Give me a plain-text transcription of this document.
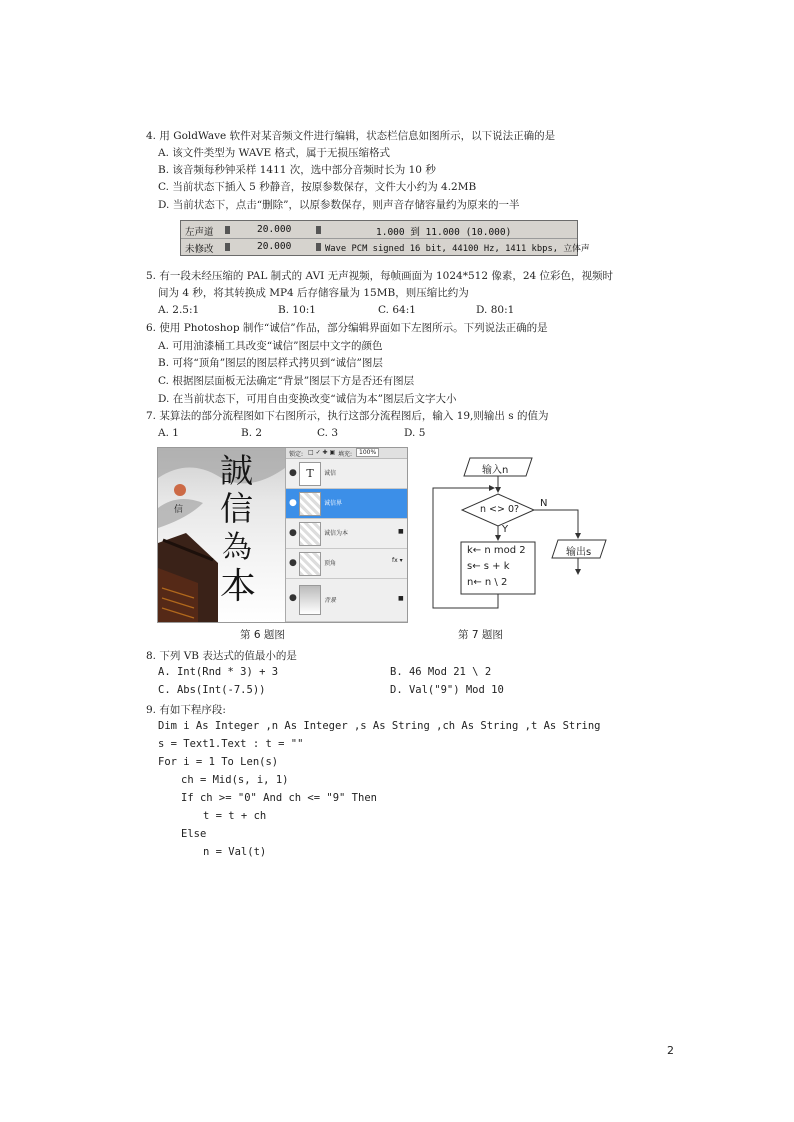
4. 用 GoldWave 软件对某音频文件进行编辑，状态栏信息如图所示，以下说法正确的是
A. 该文件类型为 WAVE 格式，属于无损压缩格式
B. 该音频每秒钟采样 1411 次，选中部分音频时长为 10 秒
C. 当前状态下插入 5 秒静音，按原参数保存，文件大小约为 4.2MB
D. 当前状态下，点击“删除”，以原参数保存，则声音存储容量约为原来的一半
左声道	20.000	1.000 到 11.000 (10.000)
未修改	20.000	Wave PCM signed 16 bit, 44100 Hz, 1411 kbps, 立体声
5. 有一段未经压缩的 PAL 制式的 AVI 无声视频，每帧画面为 1024*512 像素，24 位彩色，视频时
间为 4 秒，将其转换成 MP4 后存储容量为 15MB，则压缩比约为
A. 2.5:1	B. 10:1	C. 64:1	D. 80:1
6. 使用 Photoshop 制作“诚信”作品，部分编辑界面如下左图所示。下列说法正确的是
A. 可用油漆桶工具改变“诚信”图层中文字的颜色
B. 可将“顶角”图层的图层样式拷贝到“诚信”图层
C. 根据图层面板无法确定“背景”图层下方是否还有图层
D. 在当前状态下，可用自由变换改变“诚信为本”图层后文字大小
7. 某算法的部分流程图如下右图所示，执行这部分流程图后，输入 19,则输出 s 的值为
A. 1	B. 2	C. 3	D. 5
信
誠
信
為
本
锁定: □ ✓ ✚ ▣ 填充:	100%
● T	诚信
●	诚信界
●	诚信为本	■
●	顶角	fx ▾
●	背景	■
输入n
n <> 0?
Y
N
k← n mod 2
s← s + k
n← n \ 2
输出s
第 6 题图	第 7 题图
8. 下列 VB 表达式的值最小的是
A. Int(Rnd * 3) + 3	B. 46 Mod 21 \ 2
C. Abs(Int(-7.5))	D. Val("9") Mod 10
9. 有如下程序段:
Dim i As Integer ,n As Integer ,s As String ,ch As String ,t As String
s = Text1.Text : t = ""
For i = 1 To Len(s)
ch = Mid(s, i, 1)
If ch >= "0" And ch <= "9" Then
t = t + ch
Else
n = Val(t)
2
